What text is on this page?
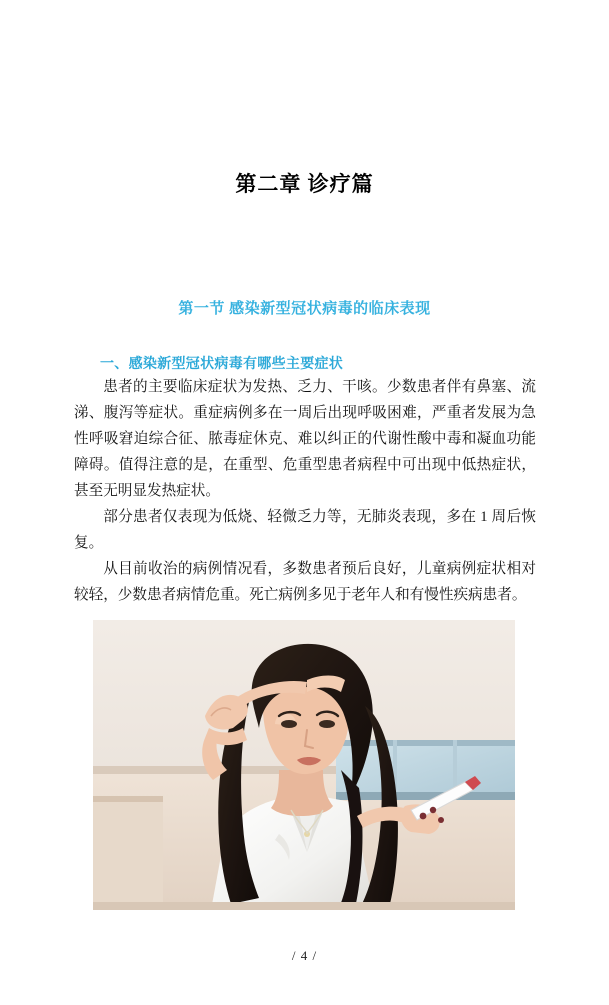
第二章 诊疗篇
第一节 感染新型冠状病毒的临床表现
一、感染新型冠状病毒有哪些主要症状

患者的主要临床症状为发热、乏力、干咳。少数患者伴有鼻塞、流涕、腹泻等症状。重症病例多在一周后出现呼吸困难，严重者发展为急性呼吸窘迫综合征、脓毒症休克、难以纠正的代谢性酸中毒和凝血功能障碍。值得注意的是，在重型、危重型患者病程中可出现中低热症状，甚至无明显发热症状。

部分患者仅表现为低烧、轻微乏力等，无肺炎表现，多在 1 周后恢复。

从目前收治的病例情况看，多数患者预后良好，儿童病例症状相对较轻，少数患者病情危重。死亡病例多见于老年人和有慢性疾病患者。

/ 4 /
